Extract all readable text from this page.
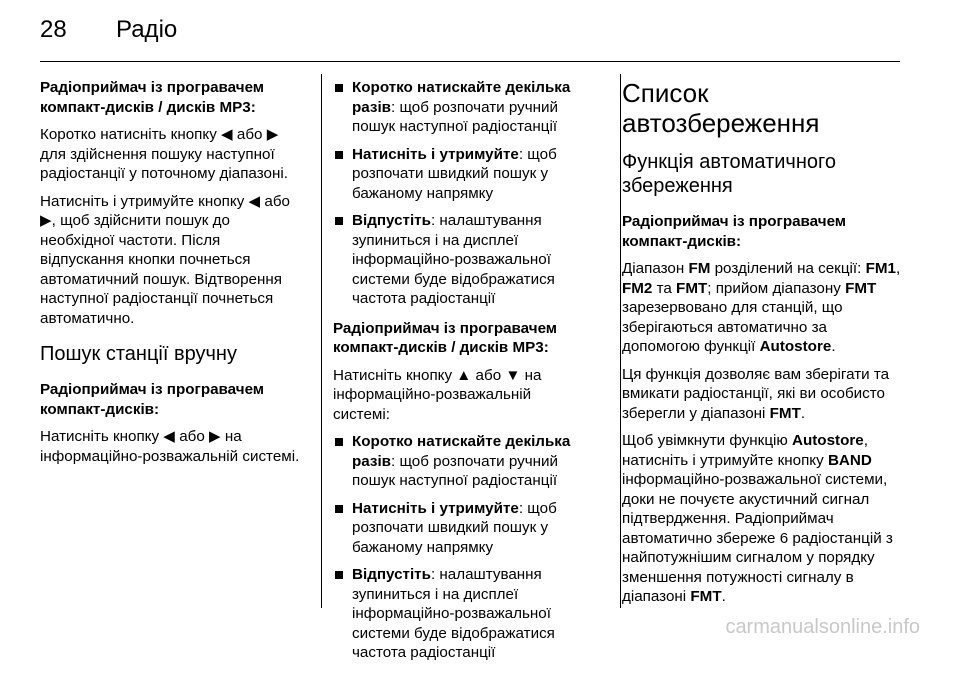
28 Радіо

Радіоприймач із програвачем компакт-дисків / дисків MP3:

Коротко натисніть кнопку ◀ або ▶ для здійснення пошуку наступної радіостанції у поточному діапазоні.

Натисніть і утримуйте кнопку ◀ або ▶, щоб здійснити пошук до необхідної частоти. Після відпускання кнопки почнеться автоматичний пошук. Відтворення наступної радіостанції почнеться автоматично.

Пошук станції вручну

Радіоприймач із програвачем компакт-дисків:

Натисніть кнопку ◀ або ▶ на інформаційно-розважальній системі.

Коротко натискайте декілька разів: щоб розпочати ручний пошук наступної радіостанції
Натисніть і утримуйте: щоб розпочати швидкий пошук у бажаному напрямку
Відпустіть: налаштування зупиниться і на дисплеї інформаційно-розважальної системи буде відображатися частота радіостанції

Радіоприймач із програвачем компакт-дисків / дисків MP3:

Натисніть кнопку ▲ або ▼ на інформаційно-розважальній системі:

Коротко натискайте декілька разів: щоб розпочати ручний пошук наступної радіостанції
Натисніть і утримуйте: щоб розпочати швидкий пошук у бажаному напрямку
Відпустіть: налаштування зупиниться і на дисплеї інформаційно-розважальної системи буде відображатися частота радіостанції
Список автозбереження
Функція автоматичного збереження

Радіоприймач із програвачем компакт-дисків:

Діапазон FM розділений на секції: FM1, FM2 та FMT; прийом діапазону FMT зарезервовано для станцій, що зберігаються автоматично за допомогою функції Autostore.

Ця функція дозволяє вам зберігати та вмикати радіостанції, які ви особисто зберегли у діапазоні FMT.

Щоб увімкнути функцію Autostore, натисніть і утримуйте кнопку BAND інформаційно-розважальної системи, доки не почуєте акустичний сигнал підтвердження. Радіоприймач автоматично збереже 6 радіостанцій з найпотужнішим сигналом у порядку зменшення потужності сигналу в діапазоні FMT.

carmanualsonline.info
